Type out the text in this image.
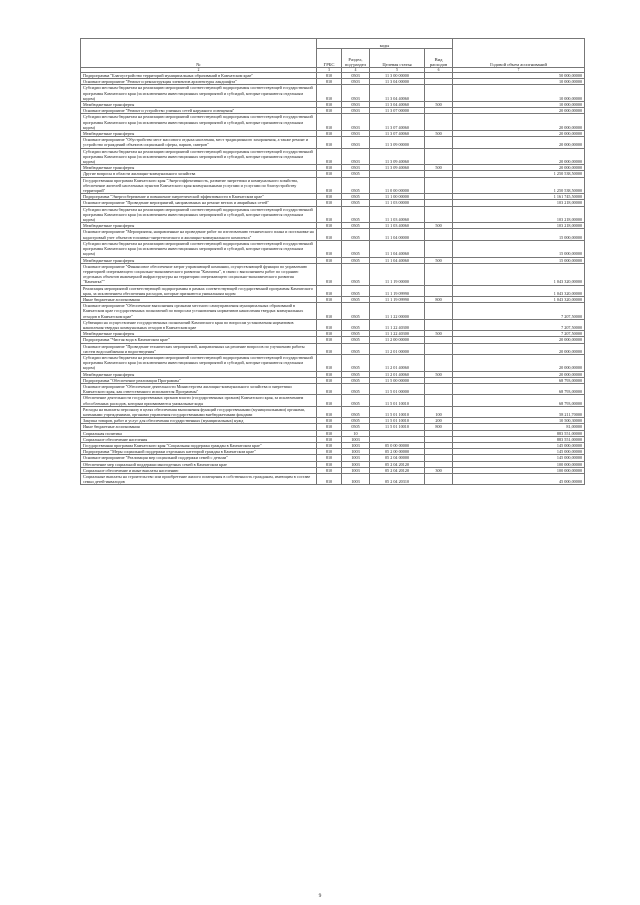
№	коды				Годовой объем ассигнований
	ГРБС	Раздел, под-раздел	Целевая статья	Вид расходов	
2	3	4	5	6	7
Подпрограмма "Благоустройство территорий муниципальных образований в Камчатском крае"	810	0503	11 3 00 00000		50 000,00000
Основное мероприятие "Ремонт и реконструкция элементов архитектуры ландшафта"	810	0503	11 3 04 00000		10 000,00000
Субсидии местным бюджетам на реализацию мероприятий соответствующей подпрограммы соответствующей государственной программы Камчатского края (за исключением инвестиционных мероприятий и субсидий, которые признаются отдельным кодом)	810	0503	11 3 04 40060		10 000,00000
Межбюджетные трансферты	810	0503	11 3 04 40060	500	10 000,00000
Основное мероприятие "Ремонт и устройство уличных сетей наружного освещения"	810	0503	11 3 07 00000		20 000,00000
Субсидии местным бюджетам на реализацию мероприятий соответствующей подпрограммы соответствующей государственной программы Камчатского края (за исключением инвестиционных мероприятий и субсидий, которые признаются отдельным кодом)	810	0503	11 3 07 40060		20 000,00000
Межбюджетные трансферты	810	0503	11 3 07 40060	500	20 000,00000
Основное мероприятие "Обустройство мест массового отдыха населения, мест традиционного захоронения, а также ремонт и устройство ограждений объектов социальной сферы, парков, скверов"	810	0503	11 3 09 00000		20 000,00000
Субсидии местным бюджетам на реализацию мероприятий соответствующей подпрограммы соответствующей государственной программы Камчатского края (за исключением инвестиционных мероприятий и субсидий, которые признаются отдельным кодом)	810	0503	11 3 09 40060		20 000,00000
Межбюджетные трансферты	810	0503	11 3 09 40060	500	20 000,00000
Другие вопросы в области жилищно-коммунального хозяйства	810	0505			1 250 538,50000
Государственная программа Камчатского края "Энергоэффективность, развитие энергетики и коммунального хозяйства, обеспечение жителей населенных пунктов Камчатского края коммунальными услугами и услугами по благоустройству территорий"	810	0505	11 0 00 00000		1 250 538,50000
Подпрограмма "Энергосбережение и повышение энергетической эффективности в Камчатском крае"	810	0505	11 1 00 00000		1 161 745,50000
Основное мероприятие "Проведение мероприятий, направленных на ремонт ветхих и аварийных сетей"	810	0505	11 1 03 00000		103 218,00000
Субсидии местным бюджетам на реализацию мероприятий соответствующей подпрограммы соответствующей государственной программы Камчатского края (за исключением инвестиционных мероприятий и субсидий, которые признаются отдельным кодом)	810	0505	11 1 03 40060		103 218,00000
Межбюджетные трансферты	810	0505	11 1 03 40060	500	103 218,00000
Основное мероприятие "Мероприятия, направленные на проведение работ по изготовлению технического плана и постановке на кадастровый учет объектов топливно-энергетического и жилищно-коммунального комплекса"	810	0505	11 1 04 00000		15 000,00000
Субсидии местным бюджетам на реализацию мероприятий соответствующей подпрограммы соответствующей государственной программы Камчатского края (за исключением инвестиционных мероприятий и субсидий, которые признаются отдельным кодом)	810	0505	11 1 04 40060		15 000,00000
Межбюджетные трансферты	810	0505	11 1 04 40060	500	15 000,00000
Основное мероприятие "Финансовое обеспечение затрат управляющей компании, осуществляющей функции по управлению территорией опережающего социально-экономического развития "Камчатка", в связи с выполнением работ по созданию отдельных объектов инженерной инфраструктуры на территории опережающего социально-экономического развития "Камчатка""	810	0505	11 1 19 00000		1 043 320,00000
Реализация мероприятий соответствующей подпрограммы в рамках соответствующей государственной программы Камчатского края, за исключением обеспечения расходов, которые признаются уникальным кодом	810	0505	11 1 19 09990		1 043 320,00000
Иные бюджетные ассигнования	810	0505	11 1 19 09990	800	1 043 320,00000
Основное мероприятие "Обеспечение выполнения органами местного самоуправления муниципальных образований в Камчатском крае государственных полномочий по вопросам установления нормативов накопления твердых коммунальных отходов в Камчатском крае"	810	0505	11 1 22 00000		7 207,50000
Субвенции на осуществление государственных полномочий Камчатского края по вопросам установления нормативов накопления твердых коммунальных отходов в Камчатском крае	810	0505	11 1 22 40300		7 207,50000
Межбюджетные трансферты	810	0505	11 1 22 40300	500	7 207,50000
Подпрограмма "Чистая вода в Камчатском крае"	810	0505	11 2 00 00000		20 000,00000
Основное мероприятие "Проведение технических мероприятий, направленных на решение вопросов по улучшению работы систем водоснабжения и водоотведения"	810	0505	11 2 01 00000		20 000,00000
Субсидии местным бюджетам на реализацию мероприятий соответствующей подпрограммы соответствующей государственной программы Камчатского края (за исключением инвестиционных мероприятий и субсидий, которые признаются отдельным кодом)	810	0505	11 2 01 40060		20 000,00000
Межбюджетные трансферты	810	0505	11 2 01 40060	500	20 000,00000
Подпрограмма "Обеспечение реализации Программы"	810	0505	11 5 00 00000		68 793,00000
Основное мероприятие "Обеспечение деятельности Министерства жилищно-коммунального хозяйства и энергетики Камчатского края, как ответственного исполнителя Программы"	810	0505	11 5 01 00000		68 793,00000
Обеспечение деятельности государственных органов власти (государственных органов) Камчатского края, за исключением обособленных расходов, которым присваиваются уникальные коды	810	0505	11 5 01 10010		68 793,00000
Расходы на выплаты персоналу в целях обеспечения выполнения функций государственными (муниципальными) органами, казенными учреждениями, органами управления государственными внебюджетными фондами	810	0505	11 5 01 10010	100	58 211,70000
Закупка товаров, работ и услуг для обеспечения государственных (муниципальных) нужд	810	0505	11 5 01 10010	200	10 500,30000
Иные бюджетные ассигнования	810	0505	11 5 01 10010	800	81,00000
Социальная политика	810	10			883 551,00000
Социальное обеспечение населения	810	1003			883 551,00000
Государственная программа Камчатского края "Социальная поддержка граждан в Камчатском крае"	810	1003	05 0 00 00000		145 000,00000
Подпрограмма "Меры социальной поддержки отдельных категорий граждан в Камчатском крае"	810	1003	05 2 00 00000		145 000,00000
Основное мероприятие "Реализация мер социальной поддержки семей с детьми"	810	1003	05 2 04 00000		145 000,00000
Обеспечение мер социальной поддержки многодетных семей в Камчатском крае	810	1003	05 2 04 20120		100 000,00000
Социальное обеспечение и иные выплаты населению	810	1003	05 2 04 20120	300	100 000,00000
Социальные выплаты на строительство или приобретение жилого помещения в собственность гражданам, имеющим в составе семьи детей-инвалидов	810	1003	05 2 04 20310		45 000,00000
9
